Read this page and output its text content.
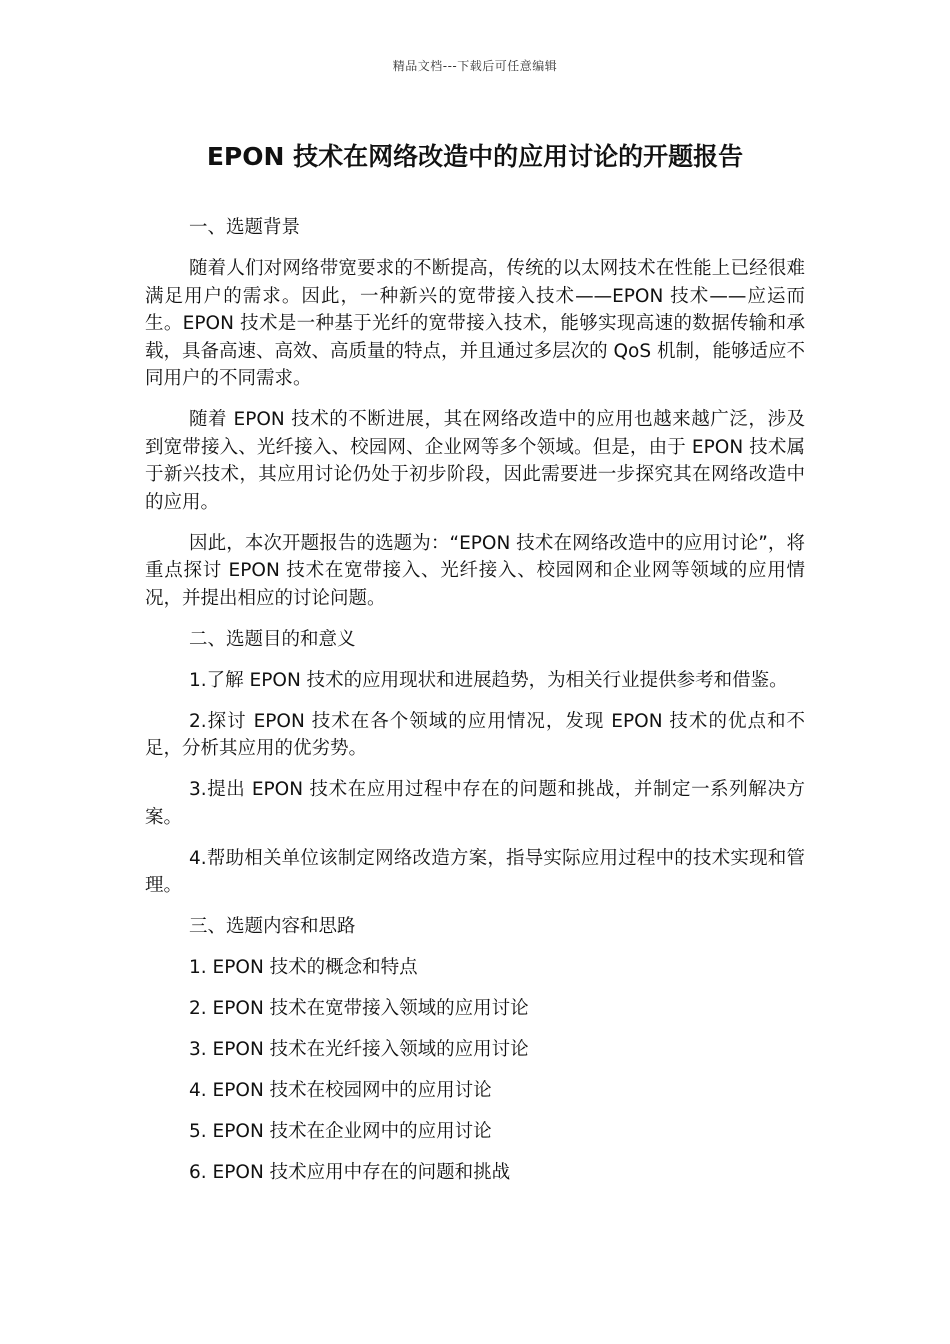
精品文档---下载后可任意编辑
EPON 技术在网络改造中的应用讨论的开题报告

一、选题背景

随着人们对网络带宽要求的不断提高，传统的以太网技术在性能上已经很难满足用户的需求。因此，一种新兴的宽带接入技术——EPON 技术——应运而生。EPON 技术是一种基于光纤的宽带接入技术，能够实现高速的数据传输和承载，具备高速、高效、高质量的特点，并且通过多层次的 QoS 机制，能够适应不同用户的不同需求。

随着 EPON 技术的不断进展，其在网络改造中的应用也越来越广泛，涉及到宽带接入、光纤接入、校园网、企业网等多个领域。但是，由于 EPON 技术属于新兴技术，其应用讨论仍处于初步阶段，因此需要进一步探究其在网络改造中的应用。

因此，本次开题报告的选题为：“EPON 技术在网络改造中的应用讨论”，将重点探讨 EPON 技术在宽带接入、光纤接入、校园网和企业网等领域的应用情况，并提出相应的讨论问题。

二、选题目的和意义

1.了解 EPON 技术的应用现状和进展趋势，为相关行业提供参考和借鉴。

2.探讨 EPON 技术在各个领域的应用情况，发现 EPON 技术的优点和不足，分析其应用的优劣势。

3.提出 EPON 技术在应用过程中存在的问题和挑战，并制定一系列解决方案。

4.帮助相关单位该制定网络改造方案，指导实际应用过程中的技术实现和管理。

三、选题内容和思路

1. EPON 技术的概念和特点

2. EPON 技术在宽带接入领域的应用讨论

3. EPON 技术在光纤接入领域的应用讨论

4. EPON 技术在校园网中的应用讨论

5. EPON 技术在企业网中的应用讨论

6. EPON 技术应用中存在的问题和挑战
